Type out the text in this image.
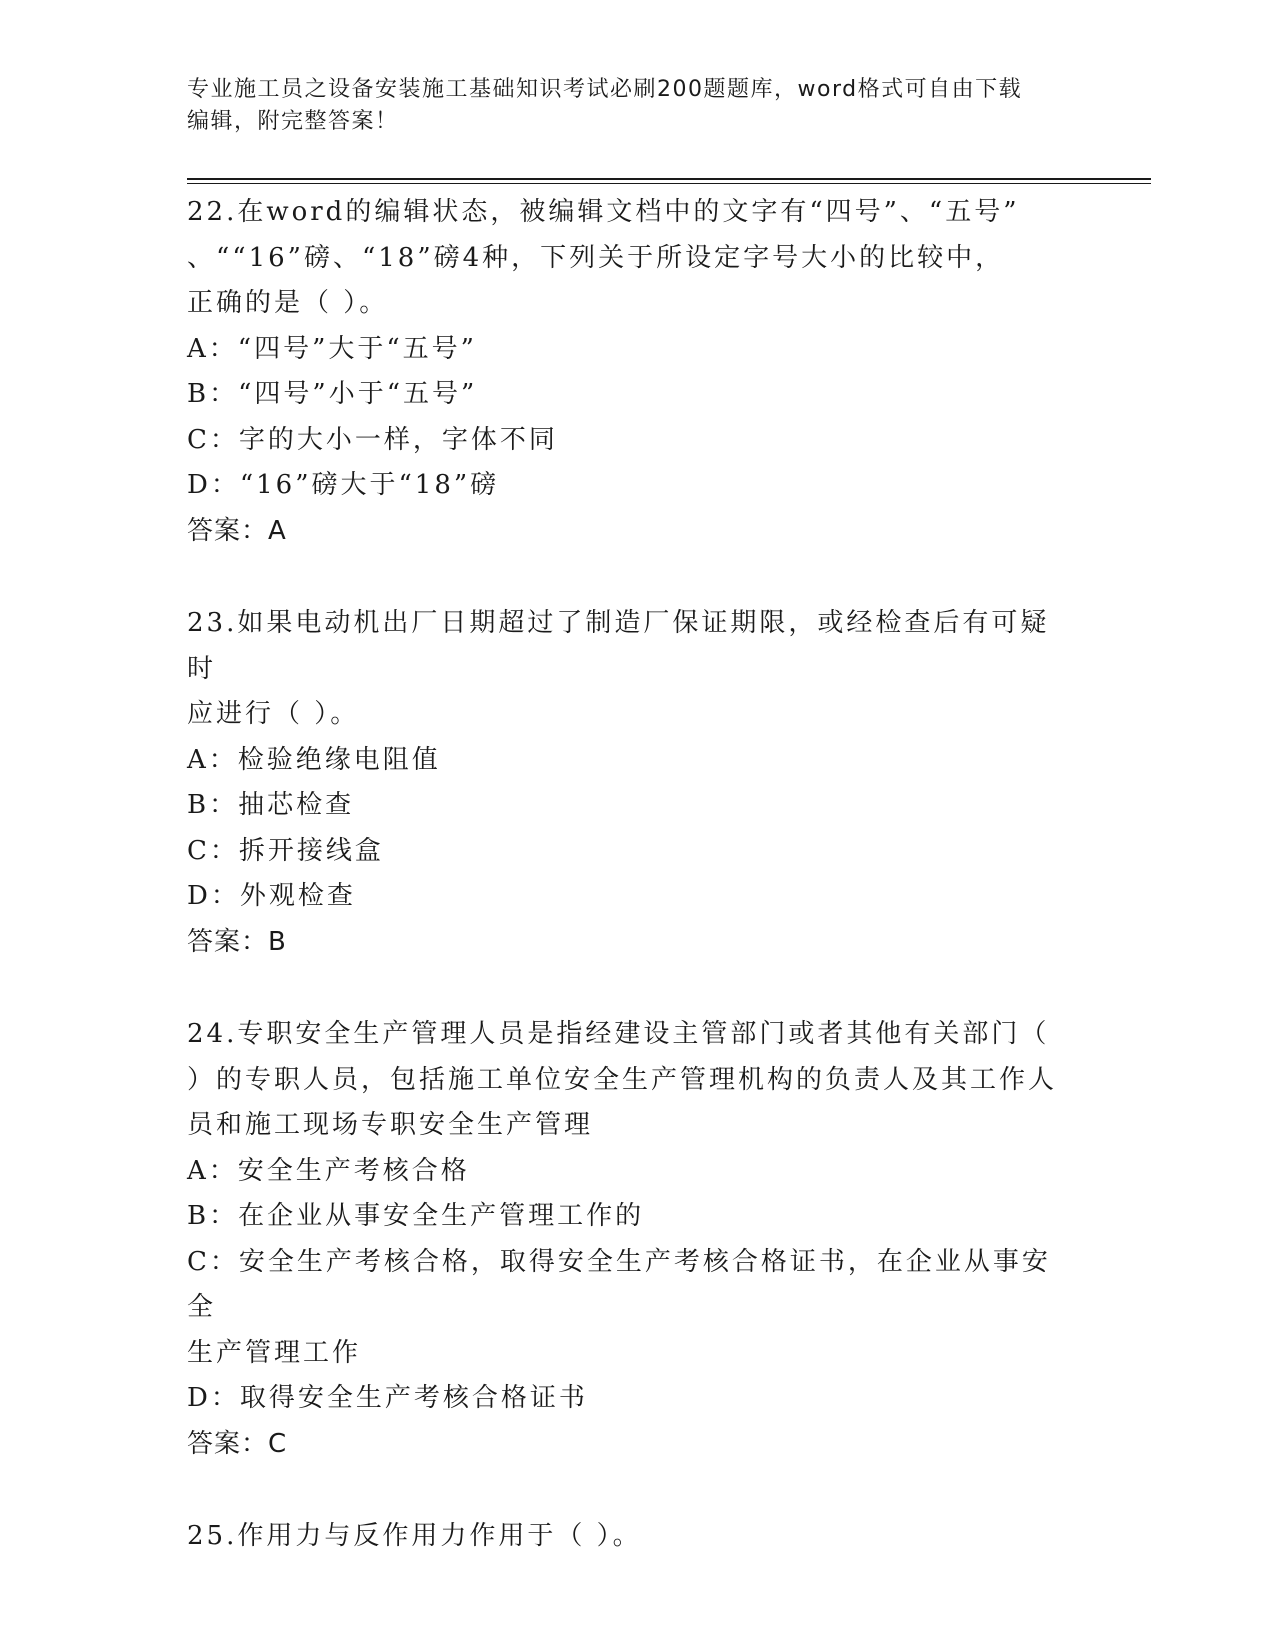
专业施工员之设备安装施工基础知识考试必刷200题题库，word格式可自由下载
编辑，附完整答案！
22.在word的编辑状态，被编辑文档中的文字有“四号”、“五号”
、““16”磅、“18”磅4种，下列关于所设定字号大小的比较中，
正确的是（ ）。
A：“四号”大于“五号”
B：“四号”小于“五号”
C：字的大小一样，字体不同
D：“16”磅大于“18”磅
答案：A
23.如果电动机出厂日期超过了制造厂保证期限，或经检查后有可疑时
应进行（ ）。
A：检验绝缘电阻值
B：抽芯检查
C：拆开接线盒
D：外观检查
答案：B
24.专职安全生产管理人员是指经建设主管部门或者其他有关部门（
）的专职人员，包括施工单位安全生产管理机构的负责人及其工作人
员和施工现场专职安全生产管理
A：安全生产考核合格
B：在企业从事安全生产管理工作的
C：安全生产考核合格，取得安全生产考核合格证书，在企业从事安全
生产管理工作
D：取得安全生产考核合格证书
答案：C
25.作用力与反作用力作用于（ ）。
